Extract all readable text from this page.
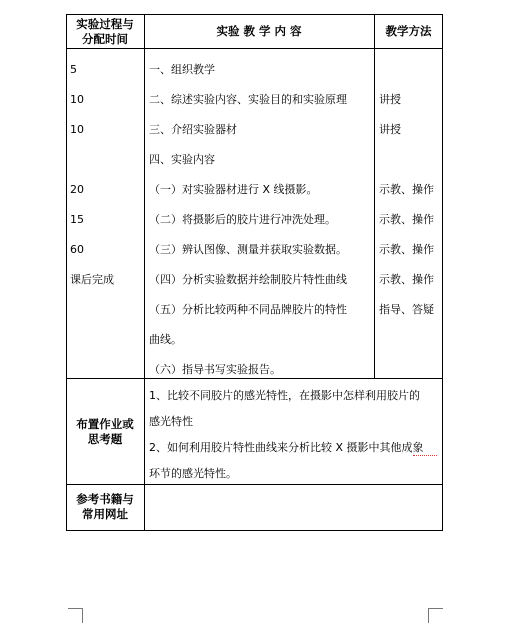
实验过程与
分配时间
实验 教 学 内 容	教学方法
5
10
10
20
15
60
课后完成
一、组织教学
二、综述实验内容、实验目的和实验原理
三、介绍实验器材
四、实验内容
（一）对实验器材进行 X 线摄影。
（二）将摄影后的胶片进行冲洗处理。
（三）辨认图像、测量并获取实验数据。
（四）分析实验数据并绘制胶片特性曲线
（五）分析比较两种不同品牌胶片的特性
曲线。
（六）指导书写实验报告。
讲授
讲授
示教、操作
示教、操作
示教、操作
示教、操作
指导、答疑
布置作业或
思考题
1、比较不同胶片的感光特性，在摄影中怎样利用胶片的
感光特性
2、如何利用胶片特性曲线来分析比较 X 摄影中其他成象
环节的感光特性。
参考书籍与
常用网址
